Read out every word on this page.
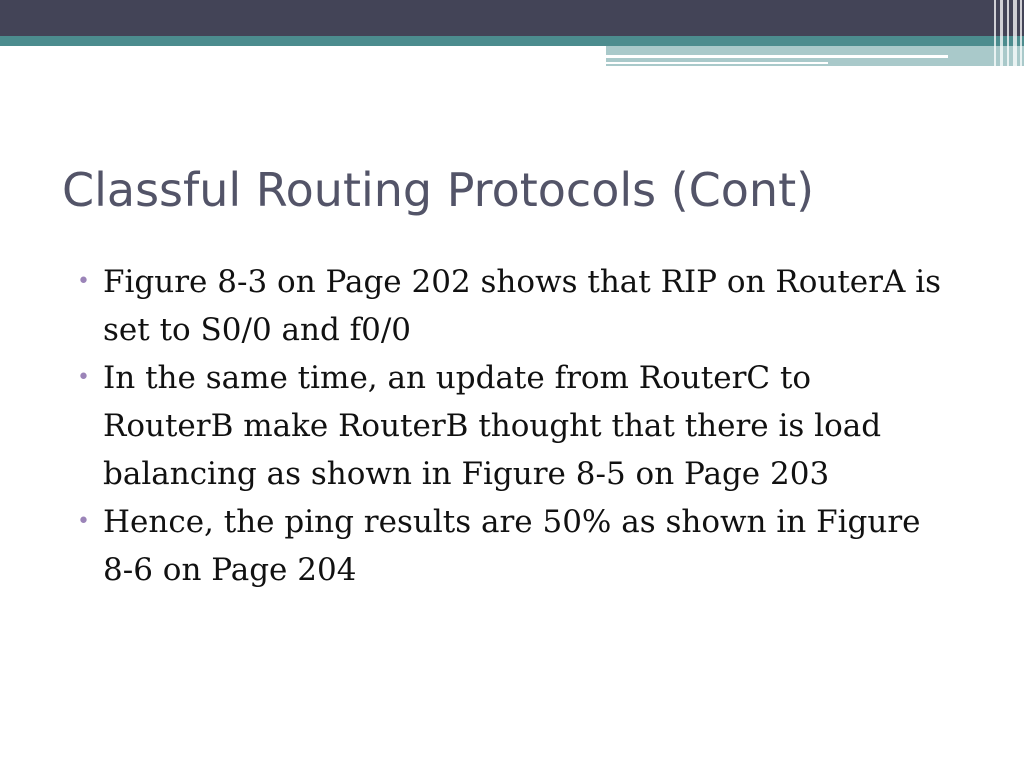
Classful Routing Protocols (Cont)
• Figure 8-3 on Page 202 shows that RIP on RouterA is set to S0/0 and f0/0
• In the same time, an update from RouterC to RouterB make RouterB thought that there is load balancing as shown in Figure 8-5 on Page 203
• Hence, the ping results are 50% as shown in Figure 8-6 on Page 204
